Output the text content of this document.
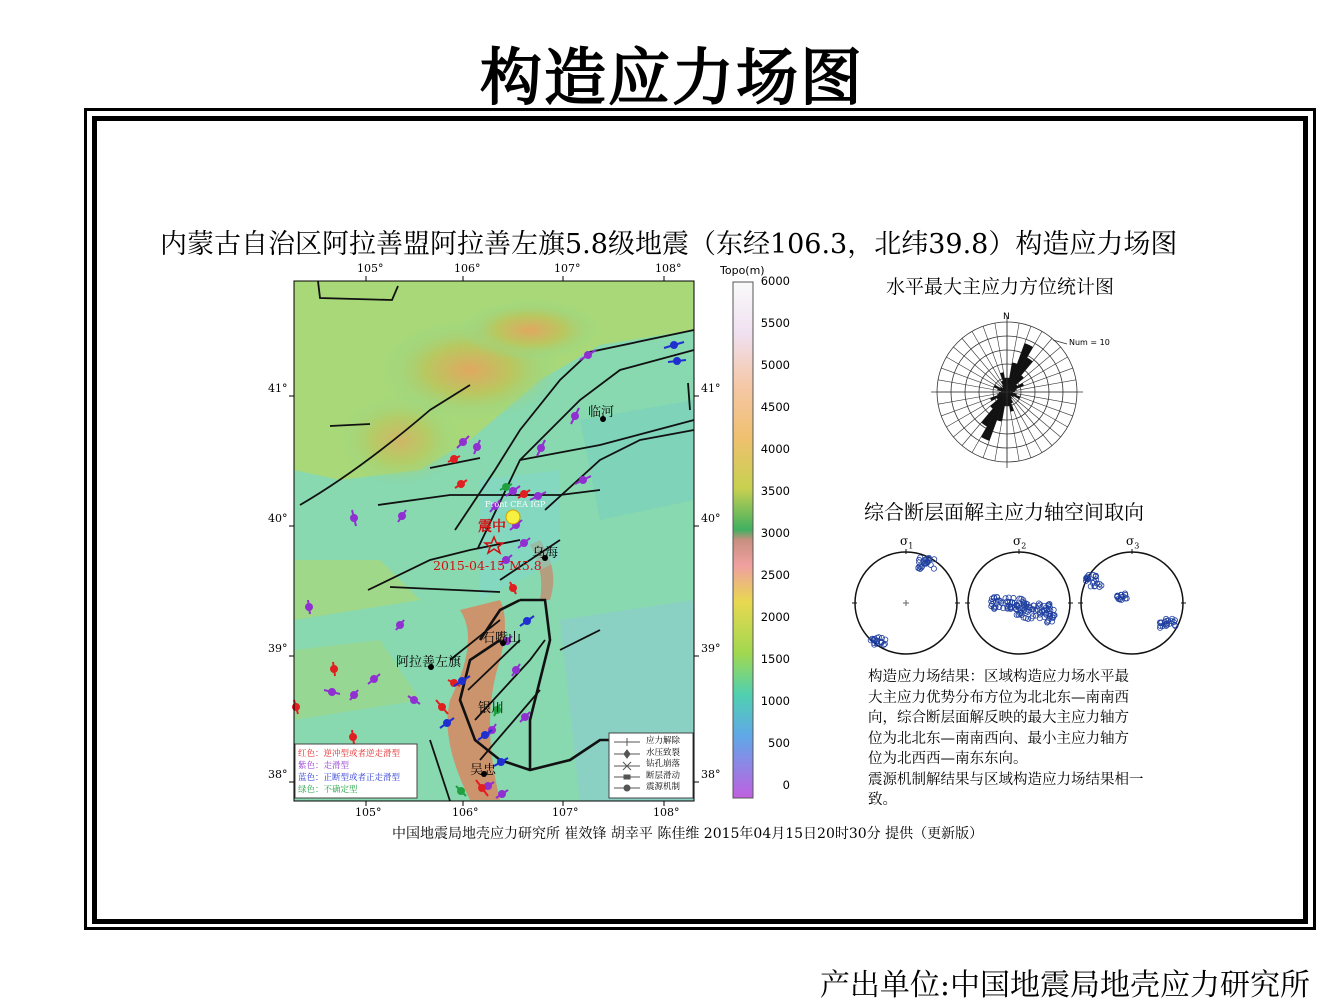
构造应力场图
内蒙古自治区阿拉善盟阿拉善左旗5.8级地震（东经106.3，北纬39.8）构造应力场图
105°	106°	107°	108°
105°	106°	107°	108°
41°
40°
39°
38°
41°
40°
39°
38°
临河
乌海
石嘴山
阿拉善左旗
银川
吴忠
震中
2015-04-15 M5.8
Front CEA IGP
Topo(m)
6000
5500
5000
4500
4000
3500
3000
2500
2000
1500
1000
500
0
红色：逆冲型或者逆走滑型
紫色：走滑型
蓝色：正断型或者正走滑型
绿色：不确定型
应力解除
水压致裂
钻孔崩落
断层滑动
震源机制
中国地震局地壳应力研究所 崔效锋 胡幸平 陈佳维 2015年04月15日20时30分 提供（更新版）
水平最大主应力方位统计图
N
Num = 10
综合断层面解主应力轴空间取向
$\sigma_1$	$\sigma_2$	$\sigma_3$

构造应力场结果：区域构造应力场水平最

大主应力优势分布方位为北北东—南南西

向，综合断层面解反映的最大主应力轴方

位为北北东—南南西向、最小主应力轴方

位为北西西—南东东向。

震源机制解结果与区域构造应力场结果相一

致。

产出单位:中国地震局地壳应力研究所
